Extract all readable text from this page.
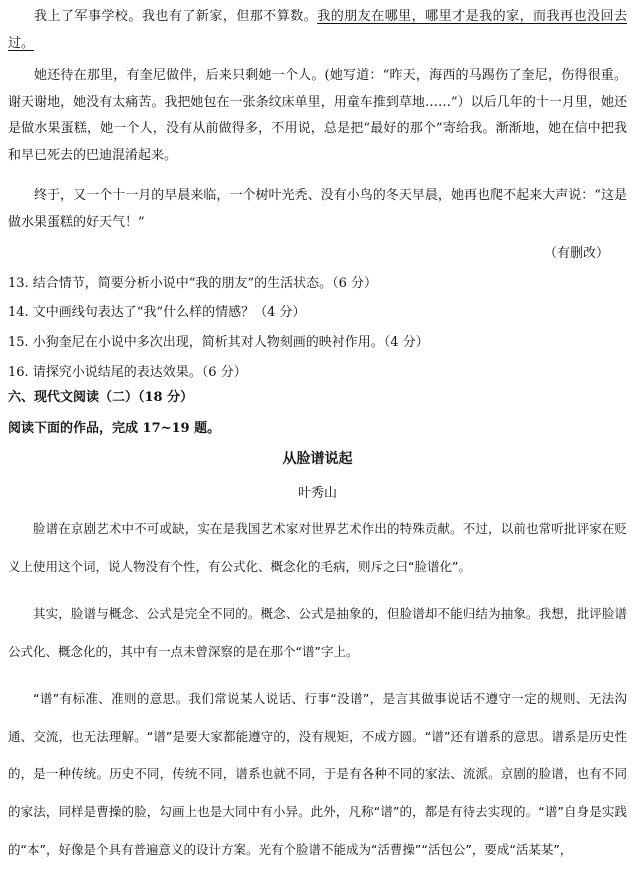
我上了军事学校。我也有了新家，但那不算数。我的朋友在哪里，哪里才是我的家，而我再也没回去过。

她还待在那里，有奎尼做伴，后来只剩她一个人。(她写道：“昨天，海西的马踢伤了奎尼，伤得很重。谢天谢地，她没有太痛苦。我把她包在一张条纹床单里，用童车推到草地……”）以后几年的十一月里，她还是做水果蛋糕，她一个人，没有从前做得多，不用说，总是把“最好的那个”寄给我。渐渐地，她在信中把我和早已死去的巴迪混淆起来。

终于，又一个十一月的早晨来临，一个树叶光秃、没有小鸟的冬天早晨，她再也爬不起来大声说：“这是做水果蛋糕的好天气！”

（有删改）

13. 结合情节，简要分析小说中“我的朋友”的生活状态。（6 分）

14. 文中画线句表达了“我”什么样的情感？（4 分）

15. 小狗奎尼在小说中多次出现，简析其对人物刻画的映衬作用。（4 分）

16. 请探究小说结尾的表达效果。（6 分）

六、现代文阅读（二）（18 分）

阅读下面的作品，完成 17~19 题。

从脸谱说起
叶秀山

脸谱在京剧艺术中不可或缺，实在是我国艺术家对世界艺术作出的特殊贡献。不过，以前也常听批评家在贬义上使用这个词，说人物没有个性，有公式化、概念化的毛病，则斥之曰“脸谱化”。

其实，脸谱与概念、公式是完全不同的。概念、公式是抽象的，但脸谱却不能归结为抽象。我想，批评脸谱公式化、概念化的，其中有一点未曾深察的是在那个“谱”字上。

“谱”有标准、准则的意思。我们常说某人说话、行事“没谱”，是言其做事说话不遵守一定的规则、无法沟通、交流，也无法理解。“谱”是要大家都能遵守的，没有规矩，不成方圆。“谱”还有谱系的意思。谱系是历史性的，是一种传统。历史不同，传统不同，谱系也就不同，于是有各种不同的家法、流派。京剧的脸谱，也有不同的家法，同样是曹操的脸，勾画上也是大同中有小异。此外，凡称“谱”的，都是有待去实现的。“谱”自身是实践的“本”，好像是个具有普遍意义的设计方案。光有个脸谱不能成为“活曹操”“活包公”，要成“活某某”，
